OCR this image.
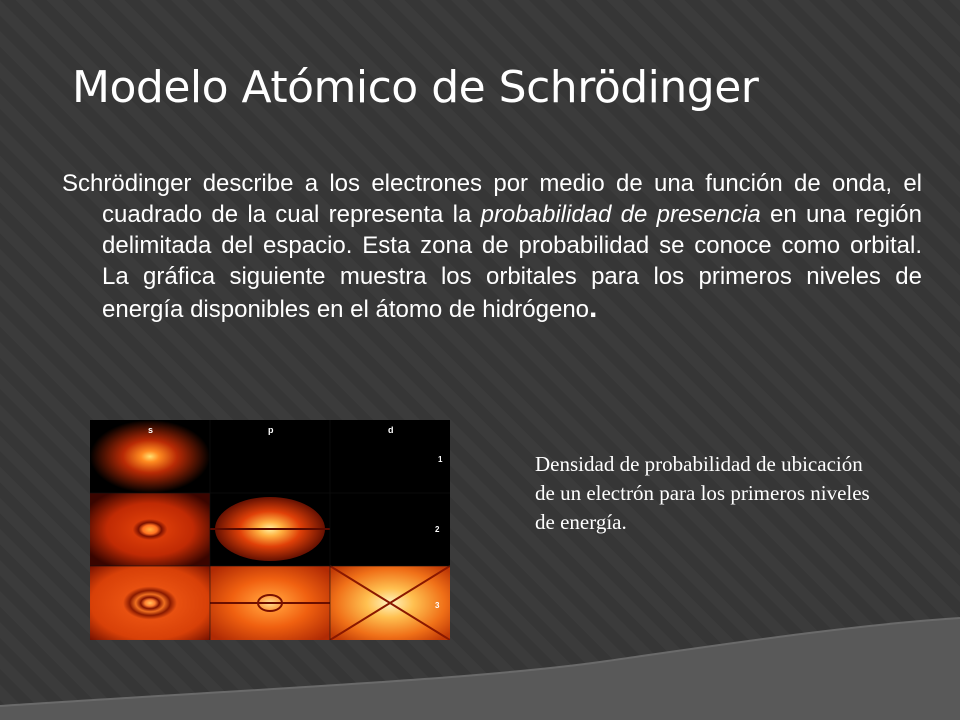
Modelo Atómico de Schrödinger
Schrödinger describe a los electrones por medio de una función de onda, el cuadrado de la cual representa la probabilidad de presencia en una región delimitada del espacio. Esta zona de probabilidad se conoce como orbital. La gráfica siguiente muestra los orbitales para los primeros niveles de energía disponibles en el átomo de hidrógeno.
s	p	d
1
2
3
Densidad de probabilidad de ubicación de un electrón para los primeros niveles de energía.
